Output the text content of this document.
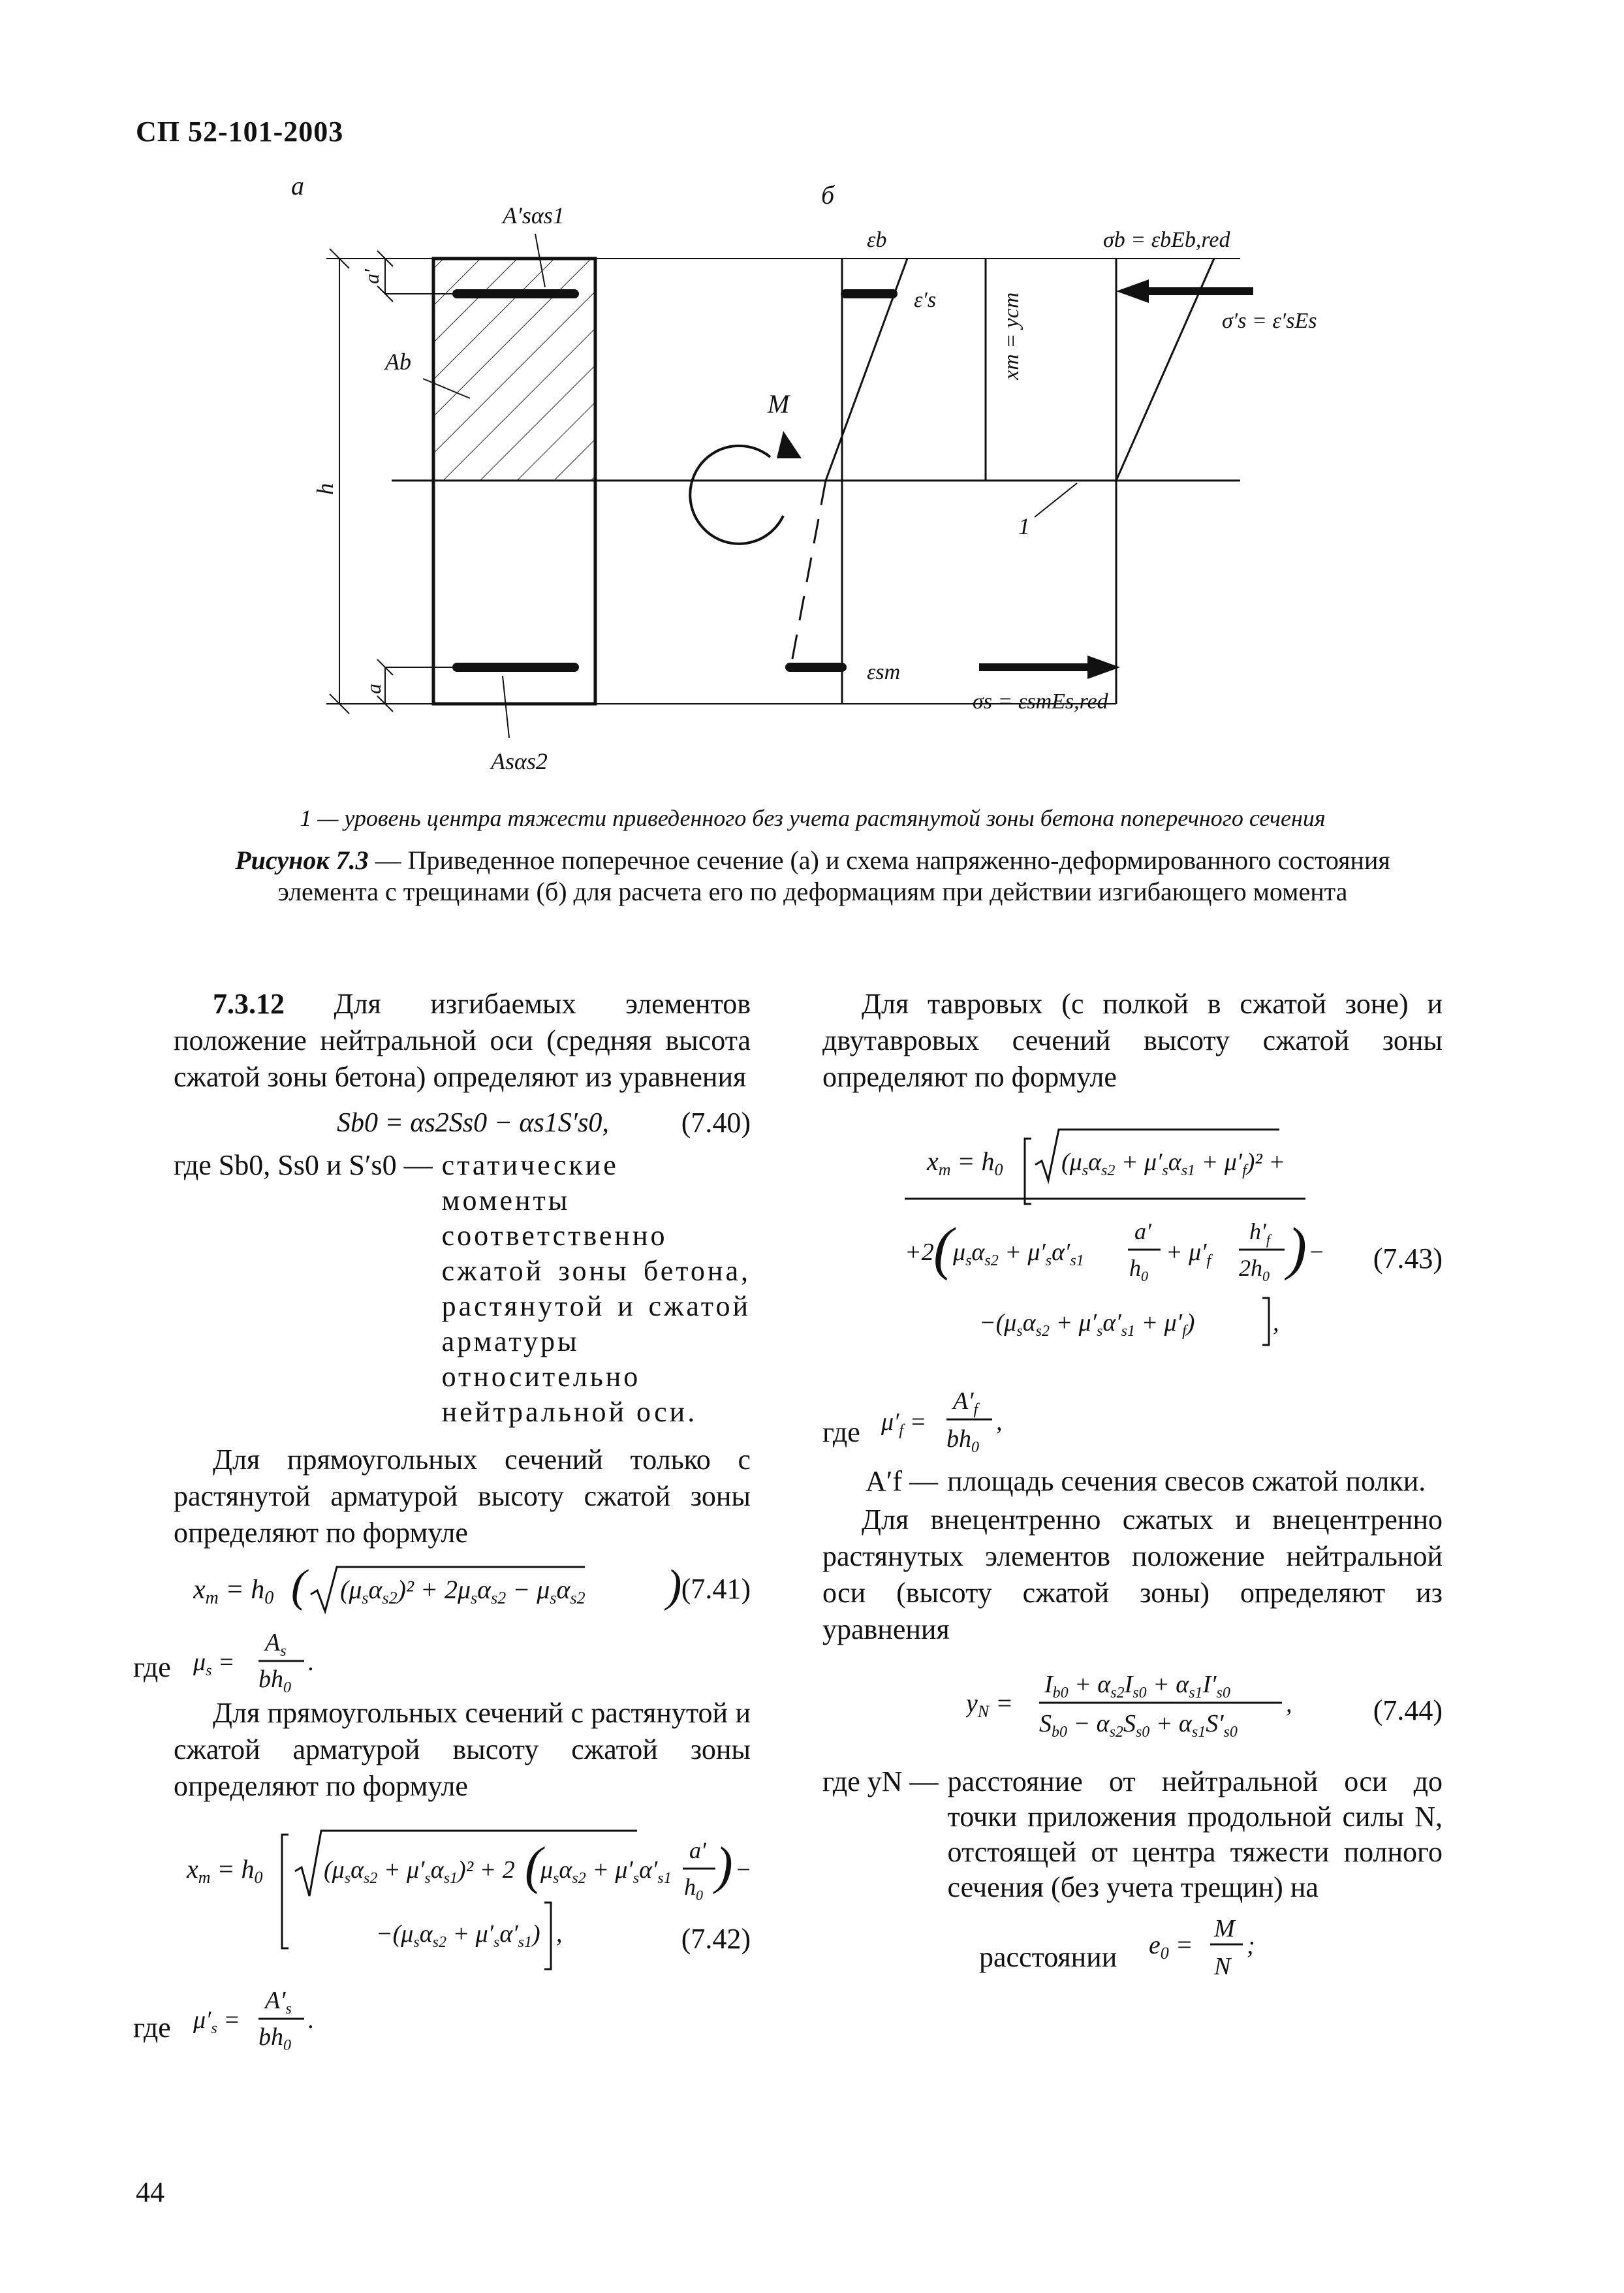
СП 52-101-2003
а	б
h
a′
a
A′sαs1
Ab
Asαs2
εb
ε′s
εsm
M
xm = ycm
σb = εbEb,red
σ′s = ε′sEs
σs = εsmEs,red
1
1 — уровень центра тяжести приведенного без учета растянутой зоны бетона поперечного сечения
Рисунок 7.3 — Приведенное поперечное сечение (а) и схема напряженно-деформированного состояния элемента с трещинами (б) для расчета его по деформациям при действии изгибающего момента

7.3.12 Для изгибаемых элементов положение нейтральной оси (средняя высота сжатой зоны бетона) определяют из уравнения

Sb0 = αs2Ss0 − αs1S′s0,	(7.40)
где Sb0, Ss0 и S′s0 — статические моменты соответственно сжатой зоны бетона, растянутой и сжатой арматуры относительно нейтральной оси.

Для прямоугольных сечений только с растянутой арматурой высоту сжатой зоны определяют по формуле

xm = h0 ( $(\mu_s\alpha_{s2})^2 + 2\mu_s\alpha_{s2} - \mu_s\alpha_{s2}$ ) (7.41)
где $\mu_s$ =
$A_s$
$bh_0$
.

Для прямоугольных сечений с растянутой и сжатой арматурой высоту сжатой зоны определяют по формуле

$x_m = h_0$ $(\mu_s\alpha_{s2} + \mu'_s\alpha_{s1})^2 + 2$ (
$\mu_s\alpha_{s2} + \mu'_s\alpha'_{s1}$
a′
$h_0$
) −
$-(\mu_s\alpha_{s2} + \mu'_s\alpha'_{s1})$ ,	(7.42)
где $\mu'_s$ =
$A'_s$
$bh_0$
.

Для тавровых (с полкой в сжатой зоне) и двутавровых сечений высоту сжатой зоны определяют по формуле

$x_m = h_0$ $(\mu_s\alpha_{s2} + \mu'_s\alpha_{s1} + \mu'_f)^2$ +
+2 ( $\mu_s\alpha_{s2} + \mu'_s\alpha'_{s1}$
a′
$h_0$
+ $\mu'_f$
$h'_f$
$2h_0$ ) −
$-(\mu_s\alpha_{s2} + \mu'_s\alpha'_{s1} + \mu'_f)$	,
(7.43)
где $\mu'_f$ =
$A'_f$
$bh_0$
,
A′f — площадь сечения свесов сжатой полки.

Для внецентренно сжатых и внецентренно растянутых элементов положение нейтральной оси (высоту сжатой зоны) определяют из уравнения

$y_N$ =
$I_{b0} + \alpha_{s2}I_{s0} + \alpha_{s1}I'_{s0}$
$S_{b0} - \alpha_{s2}S_{s0} + \alpha_{s1}S'_{s0}$
,	(7.44)
где yN — расстояние от нейтральной оси до точки приложения продольной силы N, отстоящей от центра тяжести полного сечения (без учета трещин) на
расстоянии $e_0$ =
M
N
;
44
